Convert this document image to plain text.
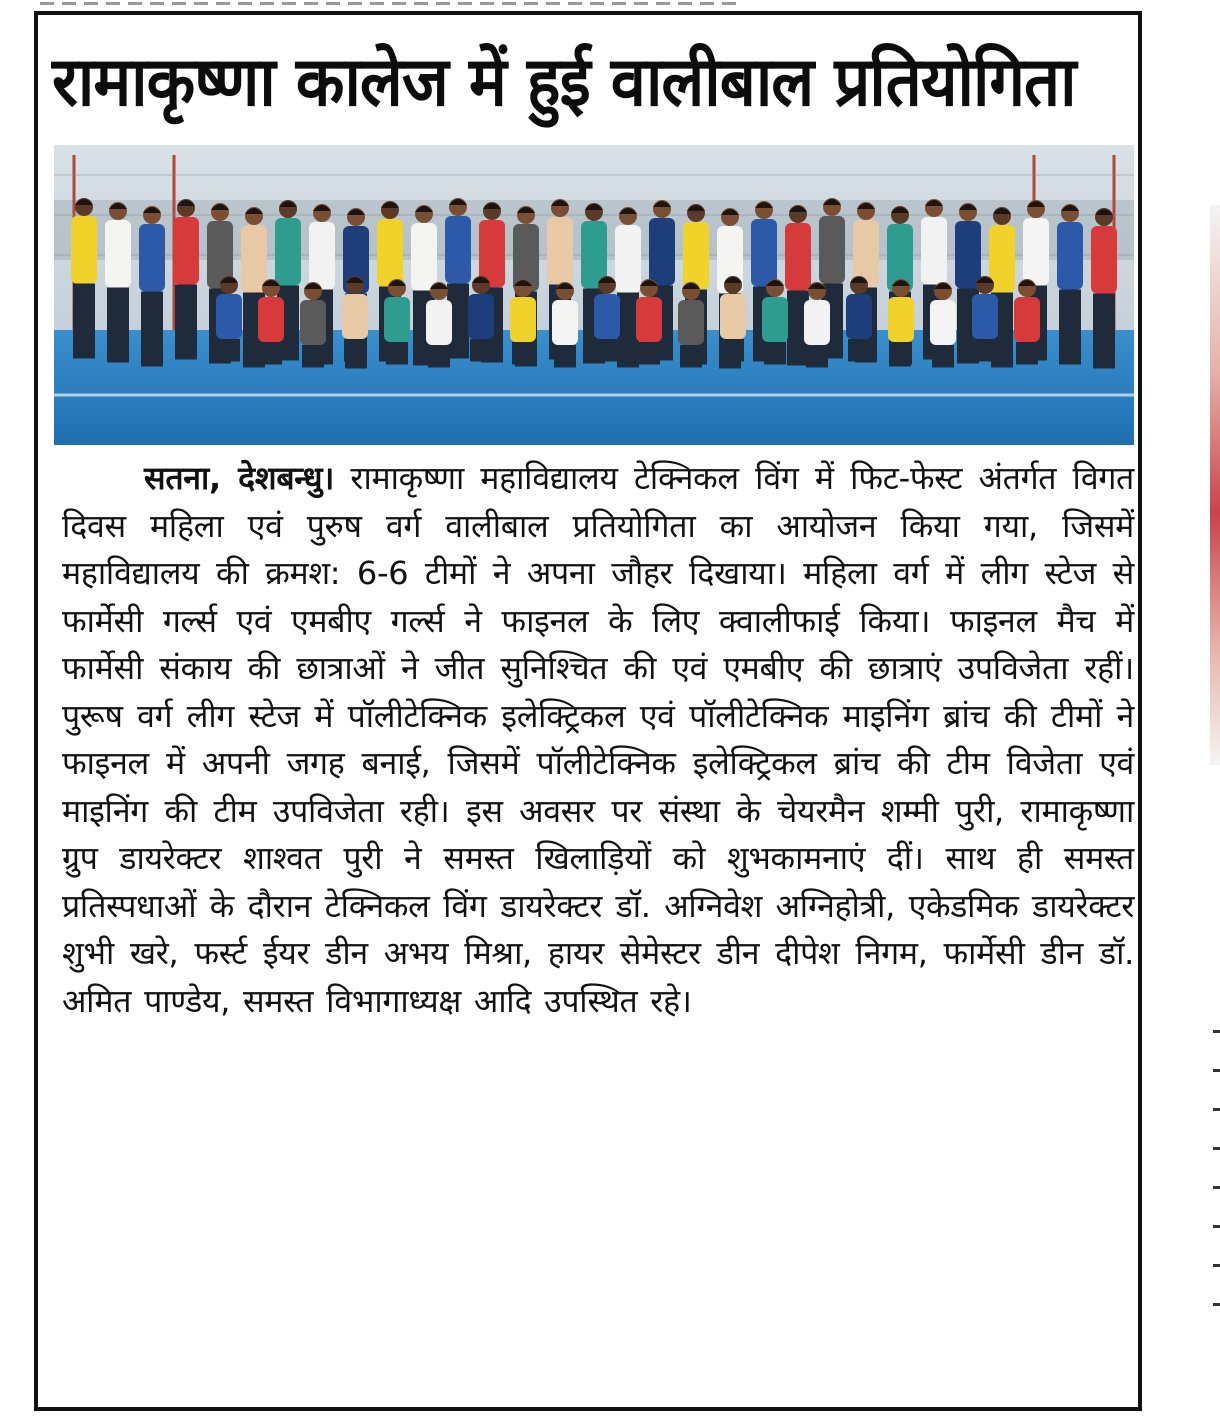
रामाकृष्णा कालेज में हुई वालीबाल प्रतियोगिता

सतना, देशबन्धु। रामाकृष्णा महाविद्यालय टेक्निकल विंग में फिट-फेस्ट अंतर्गत विगत दिवस महिला एवं पुरुष वर्ग वालीबाल प्रतियोगिता का आयोजन किया गया, जिसमें महाविद्यालय की क्रमश: 6-6 टीमों ने अपना जौहर दिखाया। महिला वर्ग में लीग स्टेज से फार्मेसी गर्ल्स एवं एमबीए गर्ल्स ने फाइनल के लिए क्वालीफाई किया। फाइनल मैच में फार्मेसी संकाय की छात्राओं ने जीत सुनिश्चित की एवं एमबीए की छात्राएं उपविजेता रहीं। पुरूष वर्ग लीग स्टेज में पॉलीटेक्निक इलेक्ट्रिकल एवं पॉलीटेक्निक माइनिंग ब्रांच की टीमों ने फाइनल में अपनी जगह बनाई, जिसमें पॉलीटेक्निक इलेक्ट्रिकल ब्रांच की टीम विजेता एवं माइनिंग की टीम उपविजेता रही। इस अवसर पर संस्था के चेयरमैन शम्मी पुरी, रामाकृष्णा ग्रुप डायरेक्टर शाश्वत पुरी ने समस्त खिलाड़ियों को शुभकामनाएं दीं। साथ ही समस्त प्रतिस्पधाओं के दौरान टेक्निकल विंग डायरेक्टर डॉ. अग्निवेश अग्निहोत्री, एकेडमिक डायरेक्टर शुभी खरे, फर्स्ट ईयर डीन अभय मिश्रा, हायर सेमेस्टर डीन दीपेश निगम, फार्मेसी डीन डॉ. अमित पाण्डेय, समस्त विभागाध्यक्ष आदि उपस्थित रहे।
